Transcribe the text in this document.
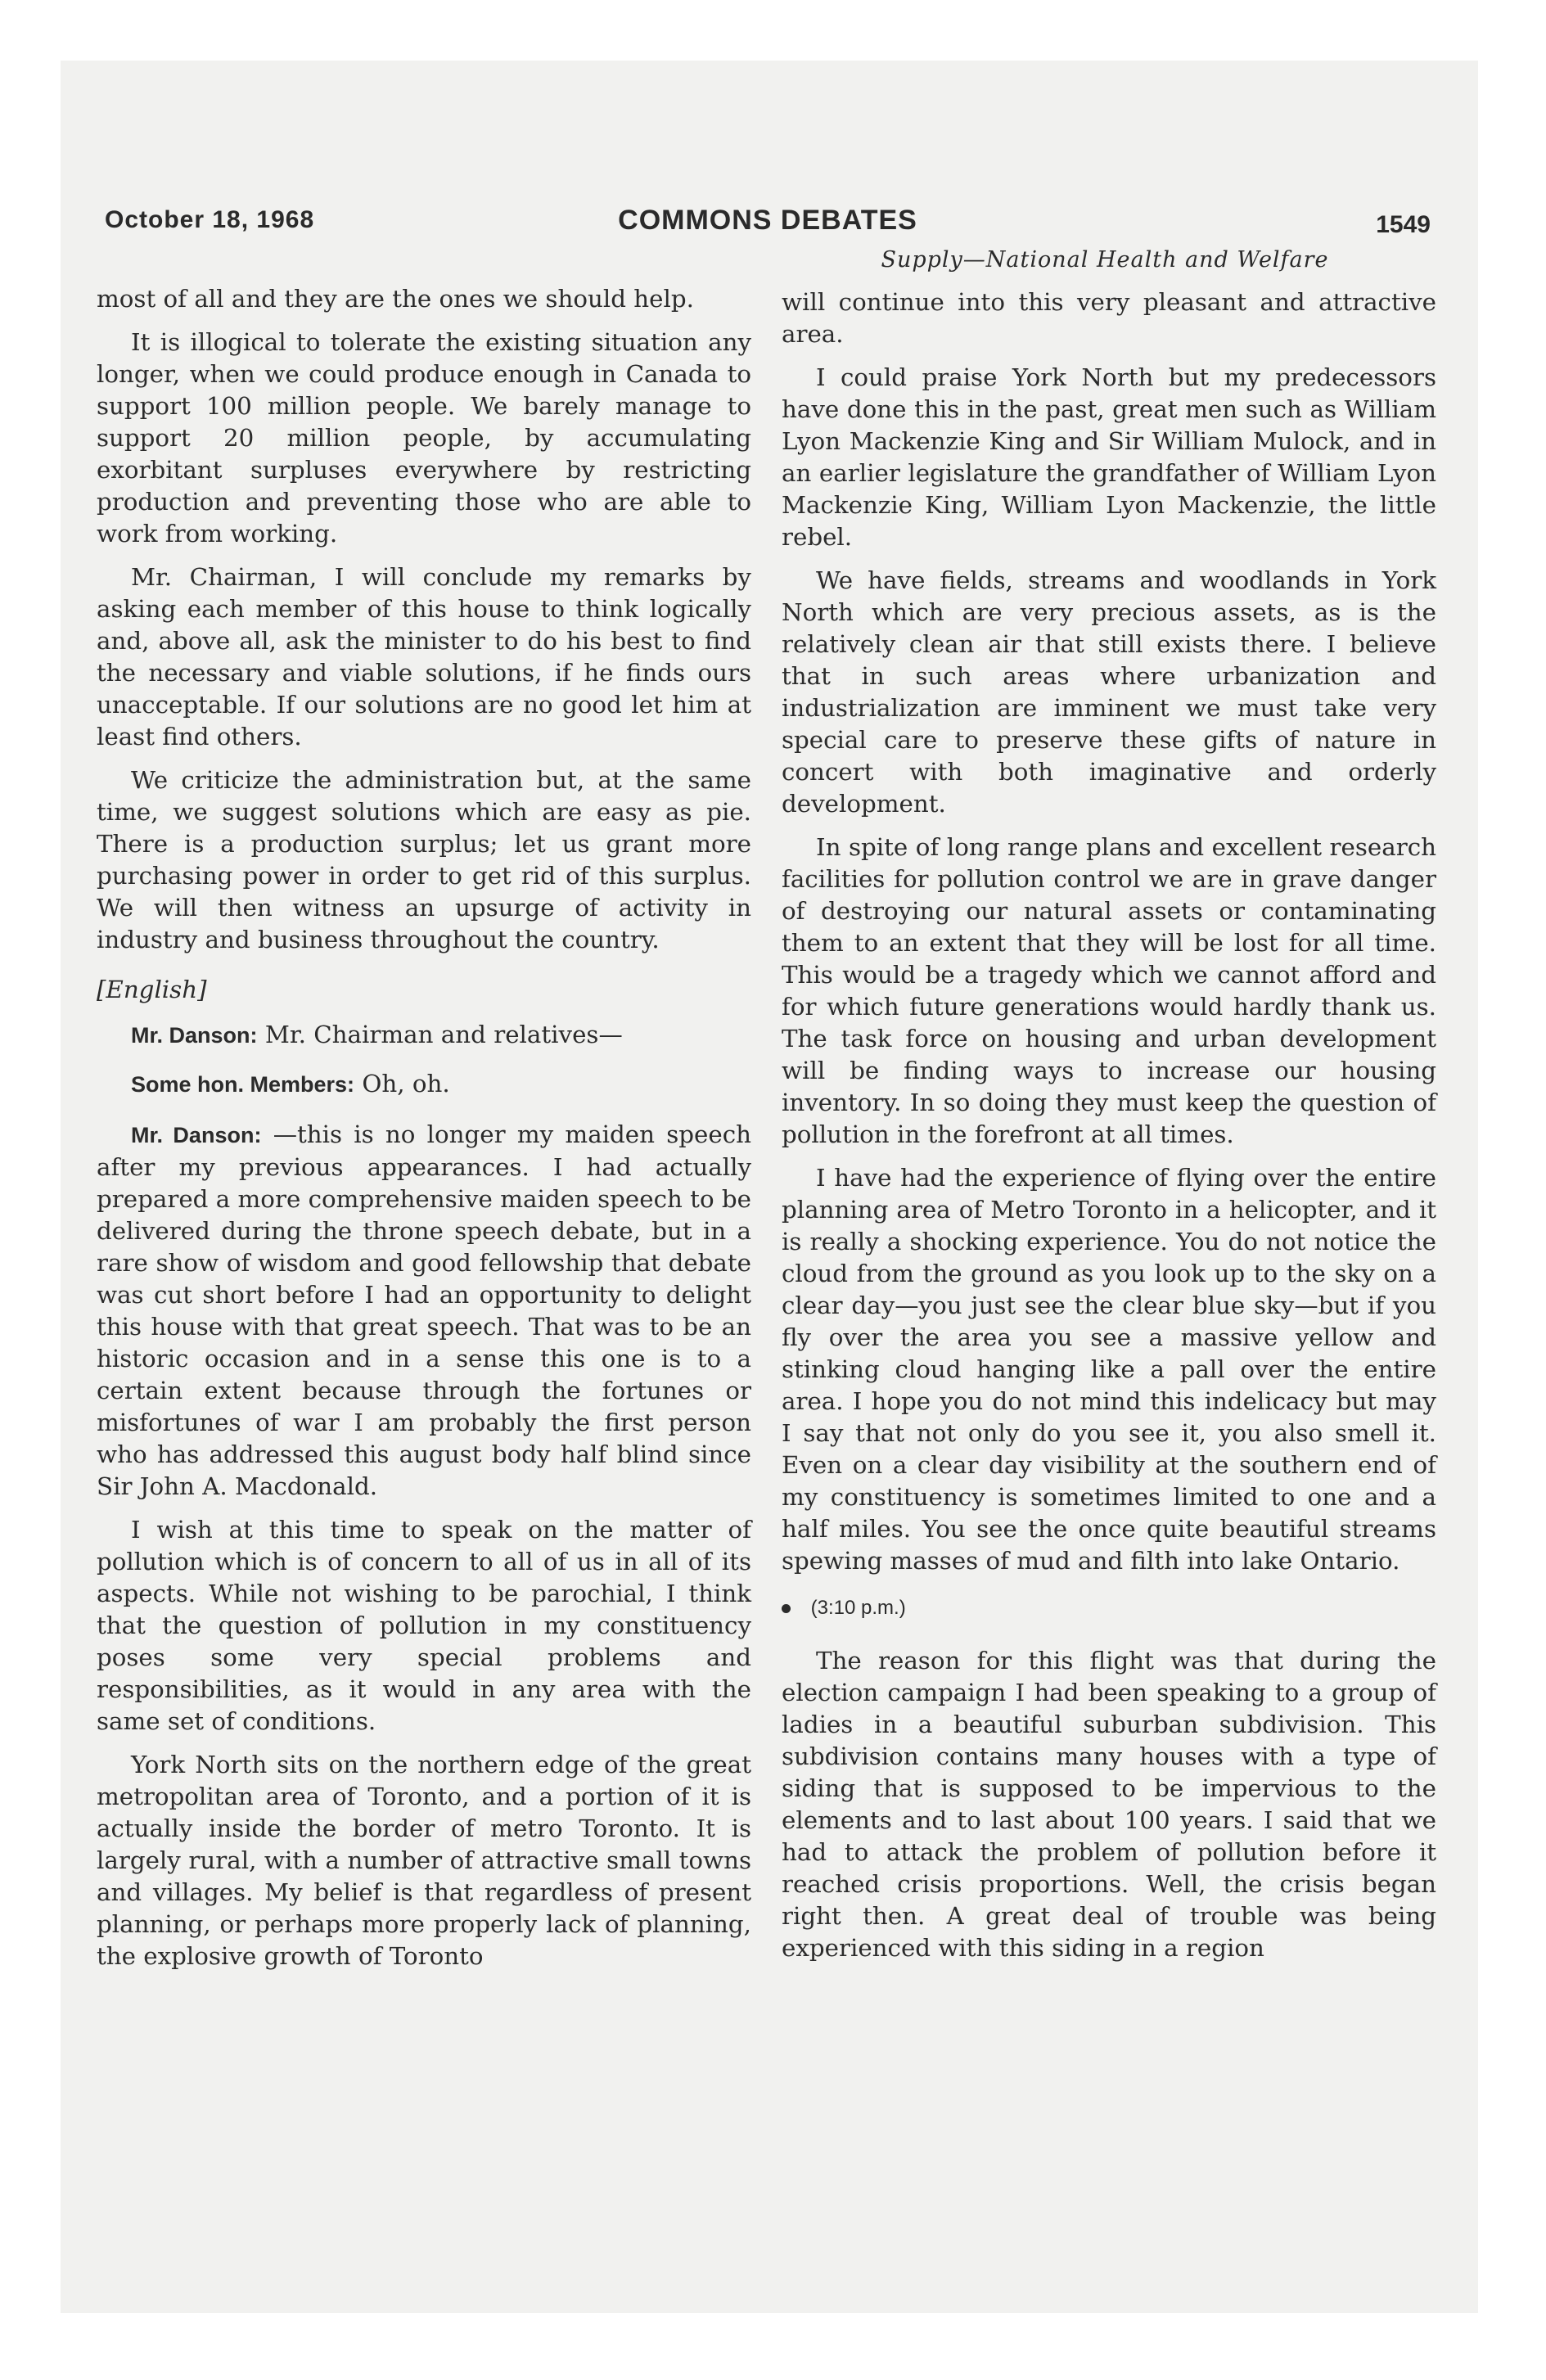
October 18, 1968	COMMONS DEBATES	1549
Supply—National Health and Welfare

most of all and they are the ones we should help.

It is illogical to tolerate the existing situation any longer, when we could produce enough in Canada to support 100 million people. We barely manage to support 20 million people, by accumulating exorbitant surpluses everywhere by restricting production and preventing those who are able to work from working.

Mr. Chairman, I will conclude my remarks by asking each member of this house to think logically and, above all, ask the minister to do his best to find the necessary and viable solutions, if he finds ours unacceptable. If our solutions are no good let him at least find others.

We criticize the administration but, at the same time, we suggest solutions which are easy as pie. There is a production surplus; let us grant more purchasing power in order to get rid of this surplus. We will then witness an upsurge of activity in industry and business throughout the country.

[English]

Mr. Danson: Mr. Chairman and relatives—

Some hon. Members: Oh, oh.

Mr. Danson: —this is no longer my maiden speech after my previous appearances. I had actually prepared a more comprehensive maiden speech to be delivered during the throne speech debate, but in a rare show of wisdom and good fellowship that debate was cut short before I had an opportunity to delight this house with that great speech. That was to be an historic occasion and in a sense this one is to a certain extent because through the fortunes or misfortunes of war I am probably the first person who has addressed this august body half blind since Sir John A. Macdonald.

I wish at this time to speak on the matter of pollution which is of concern to all of us in all of its aspects. While not wishing to be parochial, I think that the question of pollution in my constituency poses some very special problems and responsibilities, as it would in any area with the same set of conditions.

York North sits on the northern edge of the great metropolitan area of Toronto, and a portion of it is actually inside the border of metro Toronto. It is largely rural, with a number of attractive small towns and villages. My belief is that regardless of present planning, or perhaps more properly lack of planning, the explosive growth of Toronto

will continue into this very pleasant and attractive area.

I could praise York North but my predecessors have done this in the past, great men such as William Lyon Mackenzie King and Sir William Mulock, and in an earlier legislature the grandfather of William Lyon Mackenzie King, William Lyon Mackenzie, the little rebel.

We have fields, streams and woodlands in York North which are very precious assets, as is the relatively clean air that still exists there. I believe that in such areas where urbanization and industrialization are imminent we must take very special care to preserve these gifts of nature in concert with both imaginative and orderly development.

In spite of long range plans and excellent research facilities for pollution control we are in grave danger of destroying our natural assets or contaminating them to an extent that they will be lost for all time. This would be a tragedy which we cannot afford and for which future generations would hardly thank us. The task force on housing and urban development will be finding ways to increase our housing inventory. In so doing they must keep the question of pollution in the forefront at all times.

I have had the experience of flying over the entire planning area of Metro Toronto in a helicopter, and it is really a shocking experience. You do not notice the cloud from the ground as you look up to the sky on a clear day—you just see the clear blue sky—but if you fly over the area you see a massive yellow and stinking cloud hanging like a pall over the entire area. I hope you do not mind this indelicacy but may I say that not only do you see it, you also smell it. Even on a clear day visibility at the southern end of my constituency is sometimes limited to one and a half miles. You see the once quite beautiful streams spewing masses of mud and filth into lake Ontario.

(3:10 p.m.)

The reason for this flight was that during the election campaign I had been speaking to a group of ladies in a beautiful suburban subdivision. This subdivision contains many houses with a type of siding that is supposed to be impervious to the elements and to last about 100 years. I said that we had to attack the problem of pollution before it reached crisis proportions. Well, the crisis began right then. A great deal of trouble was being experienced with this siding in a region
